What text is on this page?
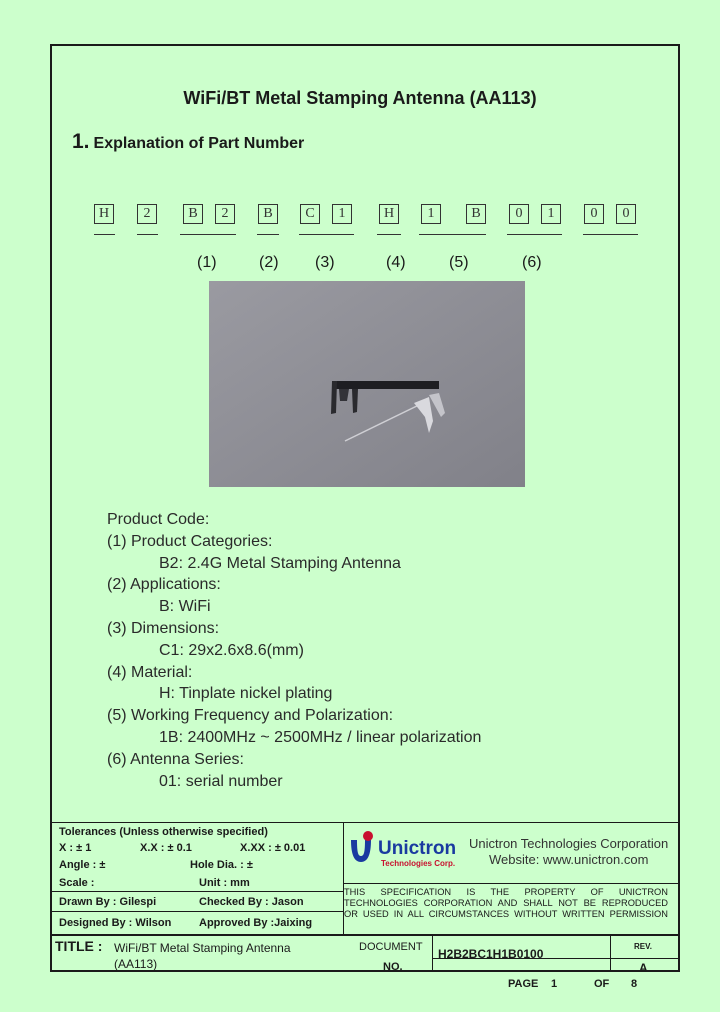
WiFi/BT Metal Stamping Antenna (AA113)
1. Explanation of Part Number
H	2	B	2	B	C	1	H	1	B	0	1	0	0
(1)	(2) (3)	(4)	(5)	(6)
Product Code:
(1) Product Categories:
B2: 2.4G Metal Stamping Antenna
(2) Applications:
B: WiFi
(3) Dimensions:
C1: 29x2.6x8.6(mm)
(4) Material:
H: Tinplate nickel plating
(5) Working Frequency and Polarization:
1B: 2400MHz ~ 2500MHz / linear polarization
(6) Antenna Series:
01: serial number
Tolerances (Unless otherwise specified)
X : ± 1	X.X : ± 0.1	X.XX : ± 0.01
Angle : ±	Hole Dia. : ±
Scale :	Unit : mm
Drawn By : Gilespi	Checked By : Jason
Designed By : Wilson	Approved By :Jaixing
Unictron
Technologies Corp.
Unictron Technologies Corporation
Website: www.unictron.com
THIS SPECIFICATION IS THE PROPERTY OF UNICTRON
TECHNOLOGIES CORPORATION AND SHALL NOT BE REPRODUCED
OR USED IN ALL CIRCUMSTANCES WITHOUT WRITTEN PERMISSION
TITLE : WiFi/BT Metal Stamping Antenna
(AA113)
DOCUMENT
NO.
H2B2BC1H1B0100
REV.
A
PAGE 1	OF 8
